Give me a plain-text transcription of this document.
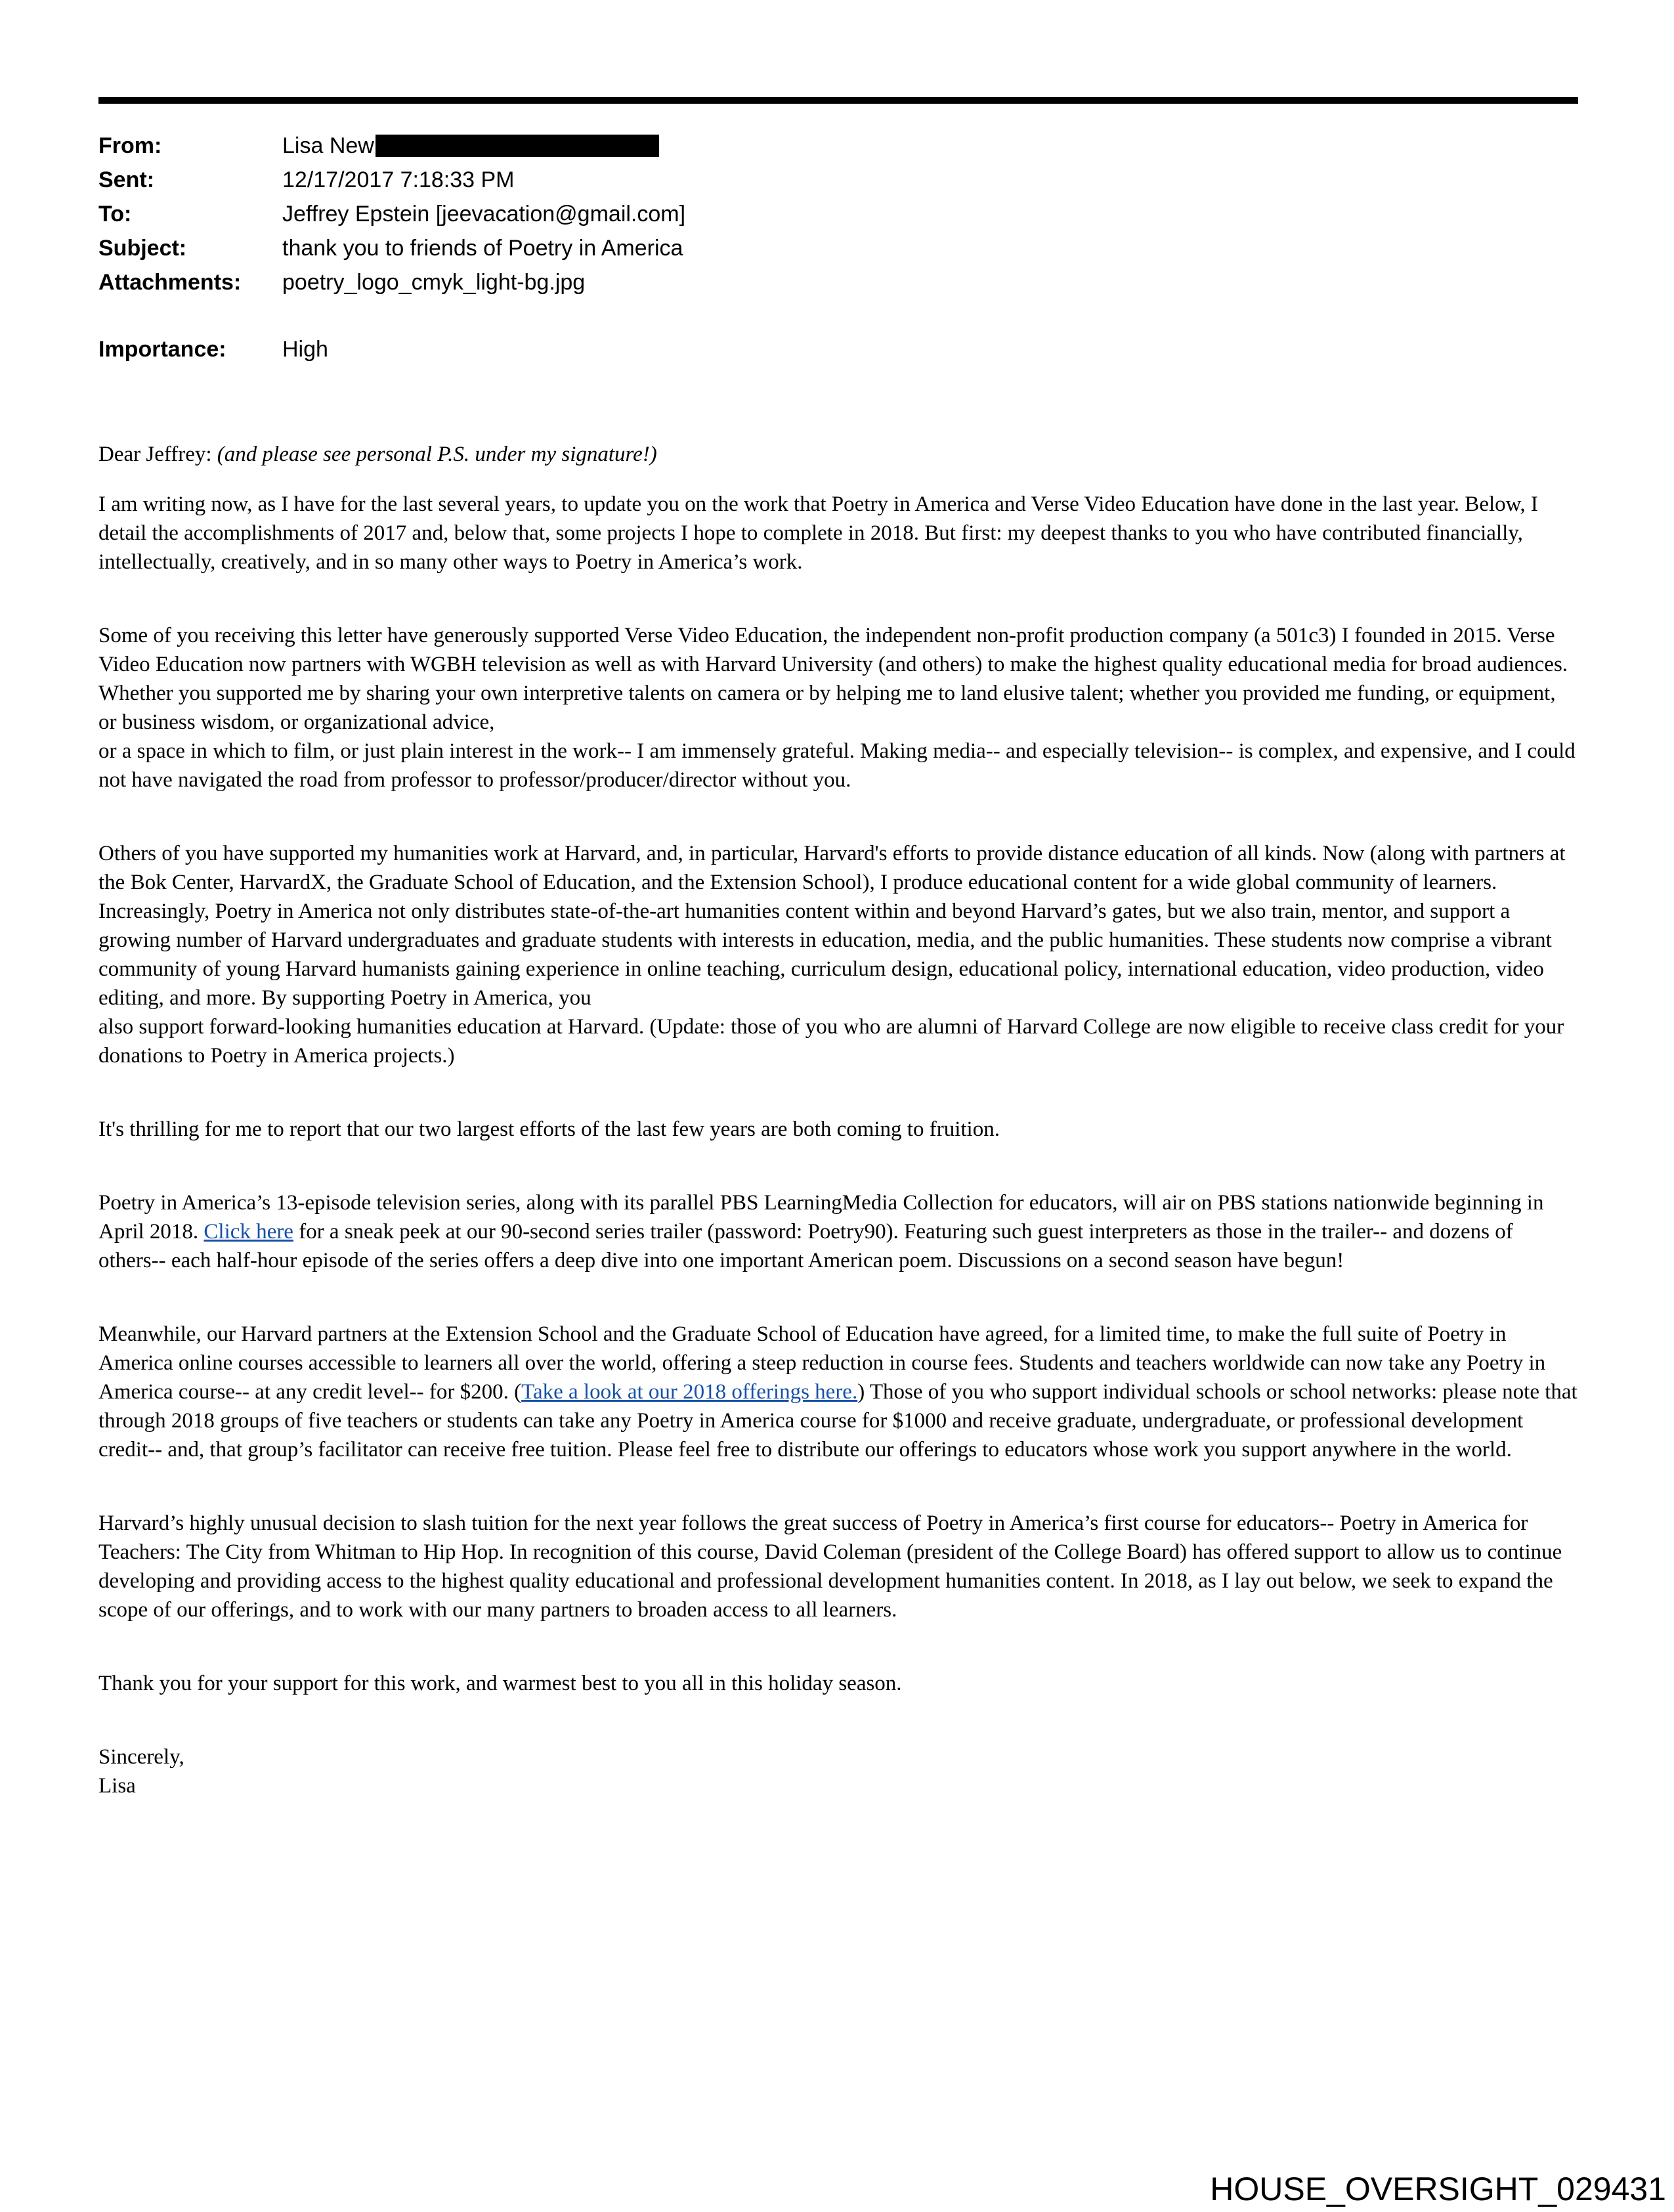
From:	Lisa New
Sent:	12/17/2017 7:18:33 PM
To:	Jeffrey Epstein [jeevacation@gmail.com]
Subject:	thank you to friends of Poetry in America
Attachments:	poetry_logo_cmyk_light-bg.jpg
Importance:	High

Dear Jeffrey: (and please see personal P.S. under my signature!)

I am writing now, as I have for the last several years, to update you on the work that Poetry in America and Verse Video Education have done in the last year. Below, I detail the accomplishments of 2017 and, below that, some projects I hope to complete in 2018. But first: my deepest thanks to you who have contributed financially, intellectually, creatively, and in so many other ways to Poetry in America’s work.

Some of you receiving this letter have generously supported Verse Video Education, the independent non-profit production company (a 501c3) I founded in 2015. Verse Video Education now partners with WGBH television as well as with Harvard University (and others) to make the highest quality educational media for broad audiences. Whether you supported me by sharing your own interpretive talents on camera or by helping me to land elusive talent; whether you provided me funding, or equipment, or business wisdom, or organizational advice,
or a space in which to film, or just plain interest in the work-- I am immensely grateful. Making media-- and especially television-- is complex, and expensive, and I could not have navigated the road from professor to professor/producer/director without you.

Others of you have supported my humanities work at Harvard, and, in particular, Harvard's efforts to provide distance education of all kinds. Now (along with partners at the Bok Center, HarvardX, the Graduate School of Education, and the Extension School), I produce educational content for a wide global community of learners. Increasingly, Poetry in America not only distributes state-of-the-art humanities content within and beyond Harvard’s gates, but we also train, mentor, and support a growing number of Harvard undergraduates and graduate students with interests in education, media, and the public humanities. These students now comprise a vibrant community of young Harvard humanists gaining experience in online teaching, curriculum design, educational policy, international education, video production, video editing, and more. By supporting Poetry in America, you
also support forward-looking humanities education at Harvard. (Update: those of you who are alumni of Harvard College are now eligible to receive class credit for your donations to Poetry in America projects.)

It's thrilling for me to report that our two largest efforts of the last few years are both coming to fruition.

Poetry in America’s 13-episode television series, along with its parallel PBS LearningMedia Collection for educators, will air on PBS stations nationwide beginning in April 2018. Click here for a sneak peek at our 90-second series trailer (password: Poetry90). Featuring such guest interpreters as those in the trailer-- and dozens of others-- each half-hour episode of the series offers a deep dive into one important American poem. Discussions on a second season have begun!

Meanwhile, our Harvard partners at the Extension School and the Graduate School of Education have agreed, for a limited time, to make the full suite of Poetry in America online courses accessible to learners all over the world, offering a steep reduction in course fees. Students and teachers worldwide can now take any Poetry in America course-- at any credit level-- for $200. (Take a look at our 2018 offerings here.) Those of you who support individual schools or school networks: please note that through 2018 groups of five teachers or students can take any Poetry in America course for $1000 and receive graduate, undergraduate, or professional development credit-- and, that group’s facilitator can receive free tuition. Please feel free to distribute our offerings to educators whose work you support anywhere in the world.

Harvard’s highly unusual decision to slash tuition for the next year follows the great success of Poetry in America’s first course for educators-- Poetry in America for Teachers: The City from Whitman to Hip Hop. In recognition of this course, David Coleman (president of the College Board) has offered support to allow us to continue developing and providing access to the highest quality educational and professional development humanities content. In 2018, as I lay out below, we seek to expand the scope of our offerings, and to work with our many partners to broaden access to all learners.

Thank you for your support for this work, and warmest best to you all in this holiday season.

Sincerely,
Lisa

HOUSE_OVERSIGHT_029431
